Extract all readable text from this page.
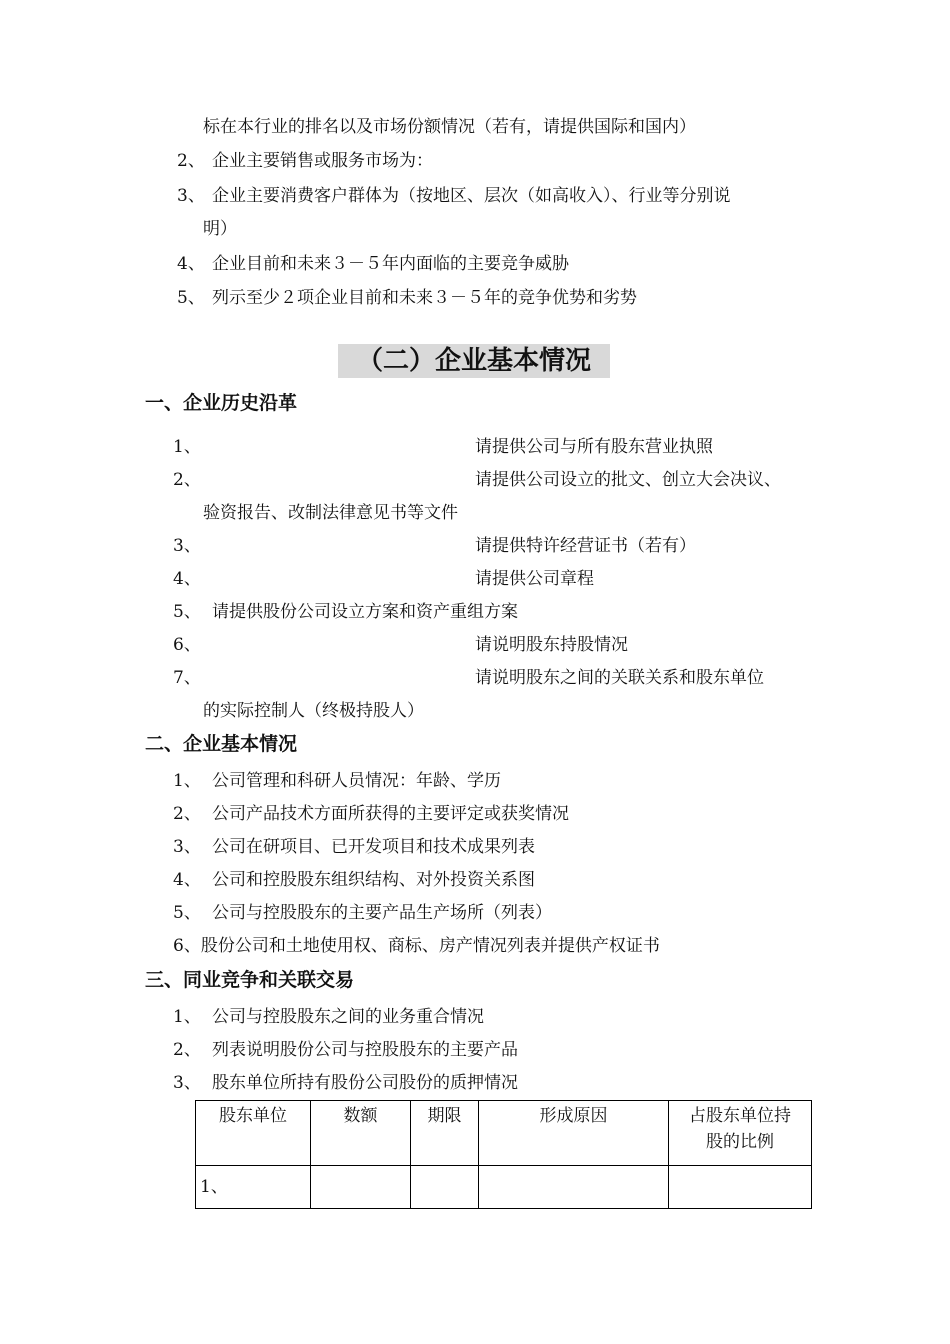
标在本行业的排名以及市场份额情况（若有，请提供国际和国内）
2、 企业主要销售或服务市场为：
3、 企业主要消费客户群体为（按地区、层次（如高收入）、行业等分别说
明）
4、 企业目前和未来３－５年内面临的主要竞争威胁
5、 列示至少２项企业目前和未来３－５年的竞争优势和劣势
（二）企业基本情况
一、企业历史沿革
1、	请提供公司与所有股东营业执照
2、	请提供公司设立的批文、创立大会决议、
验资报告、改制法律意见书等文件
3、	请提供特许经营证书（若有）
4、	请提供公司章程
5、 请提供股份公司设立方案和资产重组方案
6、	请说明股东持股情况
7、	请说明股东之间的关联关系和股东单位
的实际控制人（终极持股人）
二、企业基本情况
1、 公司管理和科研人员情况：年龄、学历
2、 公司产品技术方面所获得的主要评定或获奖情况
3、 公司在研项目、已开发项目和技术成果列表
4、 公司和控股股东组织结构、对外投资关系图
5、 公司与控股股东的主要产品生产场所（列表）
6、股份公司和土地使用权、商标、房产情况列表并提供产权证书
三、同业竞争和关联交易
1、 公司与控股股东之间的业务重合情况
2、 列表说明股份公司与控股股东的主要产品
3、 股东单位所持有股份公司股份的质押情况
股东单位	数额	期限	形成原因	占股东单位持
股的比例
1、				
